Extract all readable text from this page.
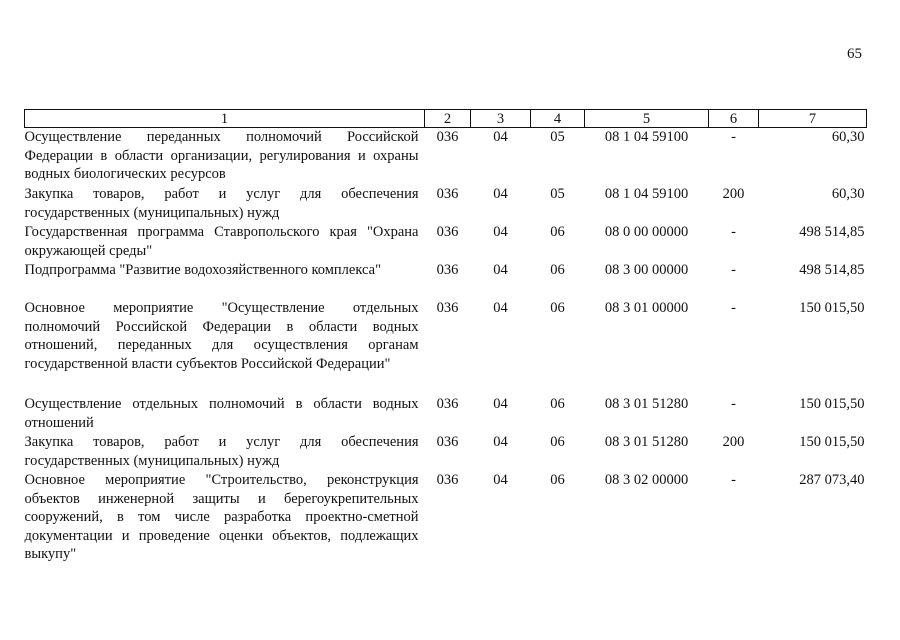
65
1	2	3	4	5	6	7
Осуществление переданных полномочий Российской Федерации в области организации, регулирования и охраны водных биологических ресурсов	036	04	05	08 1 04 59100	-	60,30
Закупка товаров, работ и услуг для обеспечения государственных (муниципальных) нужд	036	04	05	08 1 04 59100	200	60,30
Государственная программа Ставропольского края "Охрана окружающей среды"	036	04	06	08 0 00 00000	-	498 514,85
Подпрограмма "Развитие водохозяйственного комплекса"	036	04	06	08 3 00 00000	-	498 514,85
Основное мероприятие "Осуществление отдельных полномочий Российской Федерации в области водных отношений, переданных для осуществления органам государственной власти субъектов Российской Федерации"	036	04	06	08 3 01 00000	-	150 015,50
Осуществление отдельных полномочий в области водных отношений	036	04	06	08 3 01 51280	-	150 015,50
Закупка товаров, работ и услуг для обеспечения государственных (муниципальных) нужд	036	04	06	08 3 01 51280	200	150 015,50
Основное мероприятие "Строительство, реконструкция объектов инженерной защиты и берегоукрепительных сооружений, в том числе разработка проектно-сметной документации и проведение оценки объектов, подлежащих выкупу"	036	04	06	08 3 02 00000	-	287 073,40
